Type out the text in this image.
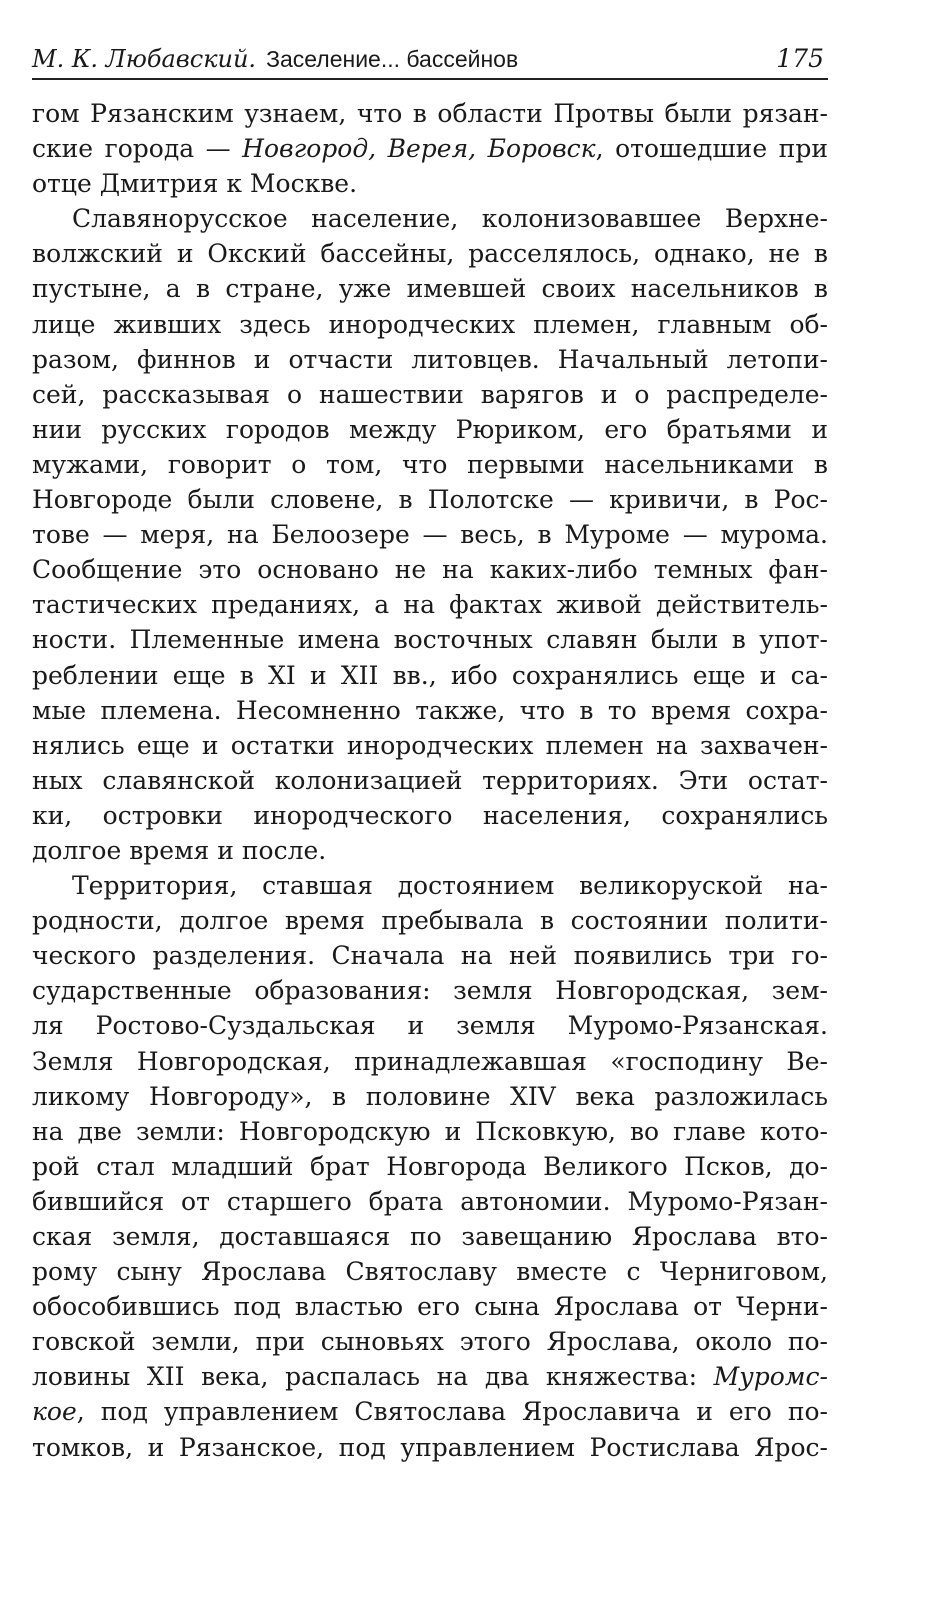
М. К. Любавский. Заселение... бассейнов	175
гом Рязанским узнаем, что в области Протвы были рязан-
ские города — Новгород, Верея, Боровск, отошедшие при
отце Дмитрия к Москве.
Славянорусское население, колонизовавшее Верхне-
волжский и Окский бассейны, расселялось, однако, не в
пустыне, а в стране, уже имевшей своих насельников в
лице живших здесь инородческих племен, главным об-
разом, финнов и отчасти литовцев. Начальный летопи-
сей, рассказывая о нашествии варягов и о распределе-
нии русских городов между Рюриком, его братьями и
мужами, говорит о том, что первыми насельниками в
Новгороде были словене, в Полотске — кривичи, в Рос-
тове — меря, на Белоозере — весь, в Муроме — мурома.
Сообщение это основано не на каких-либо темных фан-
тастических преданиях, а на фактах живой действитель-
ности. Племенные имена восточных славян были в упот-
реблении еще в XI и XII вв., ибо сохранялись еще и са-
мые племена. Несомненно также, что в то время сохра-
нялись еще и остатки инородческих племен на захвачен-
ных славянской колонизацией территориях. Эти остат-
ки, островки инородческого населения, сохранялись
долгое время и после.
Территория, ставшая достоянием великоруской на-
родности, долгое время пребывала в состоянии полити-
ческого разделения. Сначала на ней появились три го-
сударственные образования: земля Новгородская, зем-
ля Ростово-Суздальская и земля Муромо-Рязанская.
Земля Новгородская, принадлежавшая «господину Ве-
ликому Новгороду», в половине XIV века разложилась
на две земли: Новгородскую и Псковкую, во главе кото-
рой стал младший брат Новгорода Великого Псков, до-
бившийся от старшего брата автономии. Муромо-Рязан-
ская земля, доставшаяся по завещанию Ярослава вто-
рому сыну Ярослава Святославу вместе с Черниговом,
обособившись под властью его сына Ярослава от Черни-
говской земли, при сыновьях этого Ярослава, около по-
ловины XII века, распалась на два княжества: Муромс-
кое, под управлением Святослава Ярославича и его по-
томков, и Рязанское, под управлением Ростислава Ярос-
